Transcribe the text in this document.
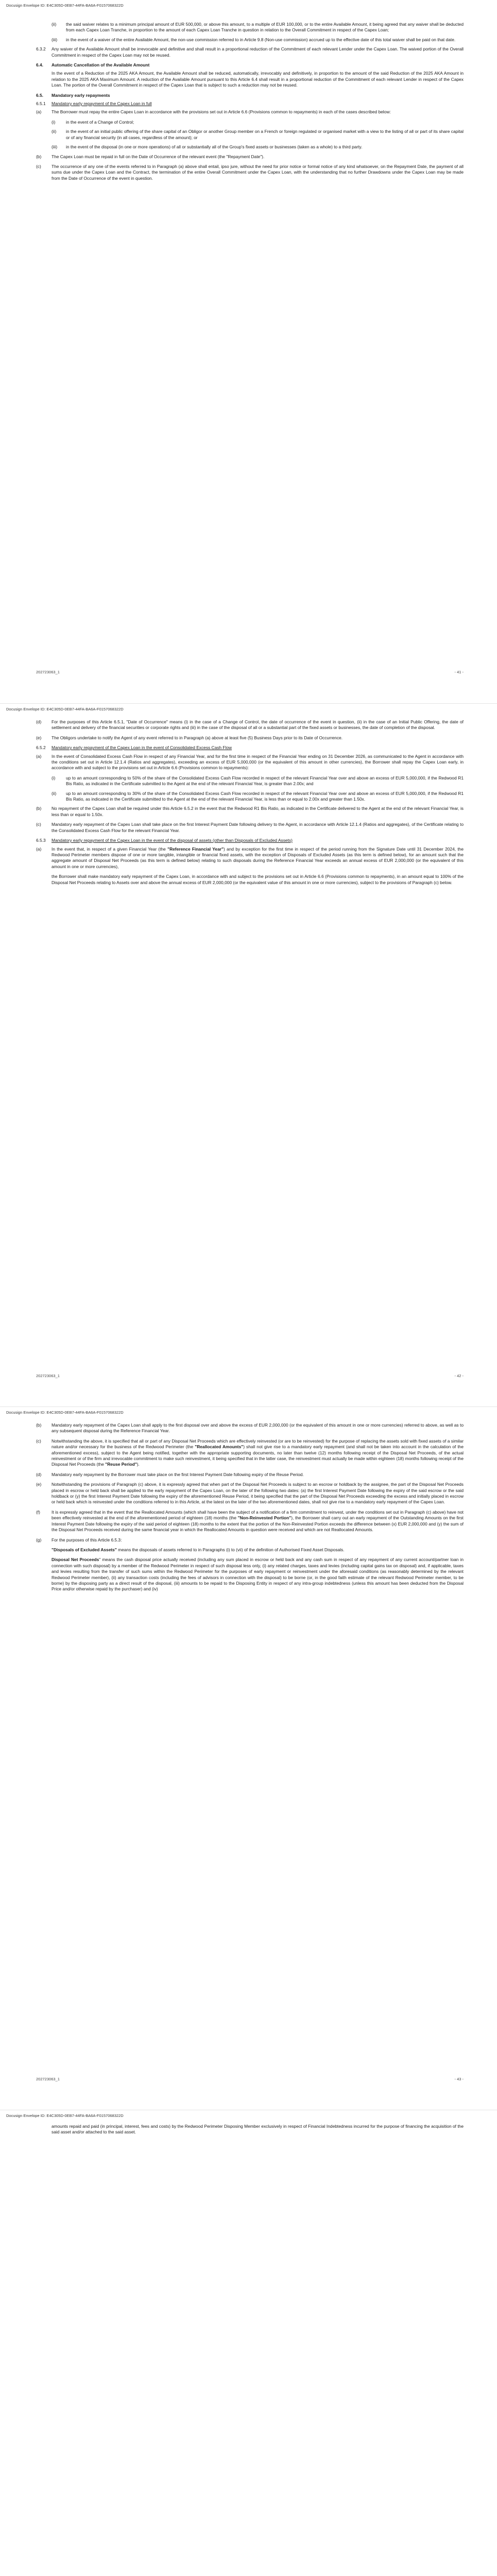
Docusign Envelope ID: E4C305D-0EB7-44FA-BA6A-F0157068322D
(ii)	the said waiver relates to a minimum principal amount of EUR 500,000, or above this amount, to a multiple of EUR 100,000, or to the entire Available Amount, it being agreed that any waiver shall be deducted from each Capex Loan Tranche, in proportion to the amount of each Capex Loan Tranche in question in relation to the Overall Commitment in respect of the Capex Loan;
(iii)	in the event of a waiver of the entire Available Amount, the non-use commission referred to in Article 9.8 (Non-use commission) accrued up to the effective date of this total waiver shall be paid on that date.
6.3.2	Any waiver of the Available Amount shall be irrevocable and definitive and shall result in a proportional reduction of the Commitment of each relevant Lender under the Capex Loan. The waived portion of the Overall Commitment in respect of the Capex Loan may not be reused.
6.4.	Automatic Cancellation of the Available Amount
In the event of a Reduction of the 2025 AKA Amount, the Available Amount shall be reduced, automatically, irrevocably and definitively, in proportion to the amount of the said Reduction of the 2025 AKA Amount in relation to the 2025 AKA Maximum Amount. A reduction of the Available Amount pursuant to this Article 6.4 shall result in a proportional reduction of the Commitment of each relevant Lender in respect of the Capex Loan. The portion of the Overall Commitment in respect of the Capex Loan that is subject to such a reduction may not be reused.
6.5.	Mandatory early repayments
6.5.1	Mandatory early repayment of the Capex Loan in full
(a)	The Borrower must repay the entire Capex Loan in accordance with the provisions set out in Article 6.6 (Provisions common to repayments) in each of the cases described below:
(i)	in the event of a Change of Control;
(ii)	in the event of an initial public offering of the share capital of an Obligor or another Group member on a French or foreign regulated or organised market with a view to the listing of all or part of its share capital or of any financial security (in all cases, regardless of the amount); or
(iii)	in the event of the disposal (in one or more operations) of all or substantially all of the Group's fixed assets or businesses (taken as a whole) to a third party.
(b)	The Capex Loan must be repaid in full on the Date of Occurrence of the relevant event (the "Repayment Date").
(c)	The occurrence of any one of the events referred to in Paragraph (a) above shall entail, ipso jure, without the need for prior notice or formal notice of any kind whatsoever, on the Repayment Date, the payment of all sums due under the Capex Loan and the Contract, the termination of the entire Overall Commitment under the Capex Loan, with the understanding that no further Drawdowns under the Capex Loan may be made from the Date of Occurrence of the event in question.
202723063_1	- 41 -
Docusign Envelope ID: E4C305D-0EB7-44FA-BA6A-F0157068322D
(d)	For the purposes of this Article 6.5.1, "Date of Occurrence" means (i) in the case of a Change of Control, the date of occurrence of the event in question, (ii) in the case of an Initial Public Offering, the date of settlement and delivery of the financial securities or corporate rights and (iii) in the case of the disposal of all or a substantial part of the fixed assets or businesses, the date of completion of the disposal.
(e)	The Obligors undertake to notify the Agent of any event referred to in Paragraph (a) above at least five (5) Business Days prior to its Date of Occurrence.
6.5.2	Mandatory early repayment of the Capex Loan in the event of Consolidated Excess Cash Flow
(a)	In the event of Consolidated Excess Cash Flow in respect of any Financial Year, and for the first time in respect of the Financial Year ending on 31 December 2026, as communicated to the Agent in accordance with the conditions set out in Article 12.1.4 (Ratios and aggregates), exceeding an excess of EUR 5,000,000 (or the equivalent of this amount in other currencies), the Borrower shall repay the Capex Loan early, in accordance with and subject to the provisions set out in Article 6.6 (Provisions common to repayments):
(i)	up to an amount corresponding to 50% of the share of the Consolidated Excess Cash Flow recorded in respect of the relevant Financial Year over and above an excess of EUR 5,000,000, if the Redwood R1 Bis Ratio, as indicated in the Certificate submitted to the Agent at the end of the relevant Financial Year, is greater than 2.00x; and
(ii)	up to an amount corresponding to 30% of the share of the Consolidated Excess Cash Flow recorded in respect of the relevant Financial Year over and above an excess of EUR 5,000,000, if the Redwood R1 Bis Ratio, as indicated in the Certificate submitted to the Agent at the end of the relevant Financial Year, is less than or equal to 2.00x and greater than 1.50x.
(b)	No repayment of the Capex Loan shall be required under this Article 6.5.2 in the event that the Redwood R1 Bis Ratio, as indicated in the Certificate delivered to the Agent at the end of the relevant Financial Year, is less than or equal to 1.50x.
(c)	Mandatory early repayment of the Capex Loan shall take place on the first Interest Payment Date following delivery to the Agent, in accordance with Article 12.1.4 (Ratios and aggregates), of the Certificate relating to the Consolidated Excess Cash Flow for the relevant Financial Year.
6.5.3	Mandatory early repayment of the Capex Loan in the event of the disposal of assets (other than Disposals of Excluded Assets)
(a)	In the event that, in respect of a given Financial Year (the "Reference Financial Year") and by exception for the first time in respect of the period running from the Signature Date until 31 December 2024, the Redwood Perimeter members dispose of one or more tangible, intangible or financial fixed assets, with the exception of Disposals of Excluded Assets (as this term is defined below), for an amount such that the aggregate amount of Disposal Net Proceeds (as this term is defined below) relating to such disposals during the Reference Financial Year exceeds an annual excess of EUR 2,000,000 (or the equivalent of this amount in one or more currencies),
the Borrower shall make mandatory early repayment of the Capex Loan, in accordance with and subject to the provisions set out in Article 6.6 (Provisions common to repayments), in an amount equal to 100% of the Disposal Net Proceeds relating to Assets over and above the annual excess of EUR 2,000,000 (or the equivalent value of this amount in one or more currencies), subject to the provisions of Paragraph (c) below.
202723063_1	- 42 -
Docusign Envelope ID: E4C305D-0EB7-44FA-BA6A-F0157068322D
(b)	Mandatory early repayment of the Capex Loan shall apply to the first disposal over and above the excess of EUR 2,000,000 (or the equivalent of this amount in one or more currencies) referred to above, as well as to any subsequent disposal during the Reference Financial Year.
(c)	Notwithstanding the above, it is specified that all or part of any Disposal Net Proceeds which are effectively reinvested (or are to be reinvested) for the purpose of replacing the assets sold with fixed assets of a similar nature and/or necessary for the business of the Redwood Perimeter (the "Reallocated Amounts") shall not give rise to a mandatory early repayment (and shall not be taken into account in the calculation of the aforementioned excess), subject to the Agent being notified, together with the appropriate supporting documents, no later than twelve (12) months following receipt of the Disposal Net Proceeds, of the actual reinvestment or of the firm and irrevocable commitment to make such reinvestment, it being specified that in the latter case, the reinvestment must actually be made within eighteen (18) months following receipt of the Disposal Net Proceeds (the "Reuse Period").
(d)	Mandatory early repayment by the Borrower must take place on the first Interest Payment Date following expiry of the Reuse Period.
(e)	Notwithstanding the provisions of Paragraph (c) above, it is expressly agreed that when part of the Disposal Net Proceeds is subject to an escrow or holdback by the assignee, the part of the Disposal Net Proceeds placed in escrow or held back shall be applied to the early repayment of the Capex Loan, on the later of the following two dates: (a) the first Interest Payment Date following the expiry of the said escrow or the said holdback or (y) the first Interest Payment Date following the expiry of the aforementioned Reuse Period, it being specified that the part of the Disposal Net Proceeds exceeding the excess and initially placed in escrow or held back which is reinvested under the conditions referred to in this Article, at the latest on the later of the two aforementioned dates, shall not give rise to a mandatory early repayment of the Capex Loan.
(f)	It is expressly agreed that in the event that the Reallocated Amounts (which shall have been the subject of a notification of a firm commitment to reinvest, under the conditions set out in Paragraph (c) above) have not been effectively reinvested at the end of the aforementioned period of eighteen (18) months (the "Non-Reinvested Portion"), the Borrower shall carry out an early repayment of the Outstanding Amounts on the first Interest Payment Date following the expiry of the said period of eighteen (18) months to the extent that the portion of the Non-Reinvested Portion exceeds the difference between (x) EUR 2,000,000 and (y) the sum of the Disposal Net Proceeds received during the same financial year in which the Reallocated Amounts in question were received and which are not Reallocated Amounts.
(g)	For the purposes of this Article 6.5.3:
"Disposals of Excluded Assets" means the disposals of assets referred to in Paragraphs (i) to (vii) of the definition of Authorised Fixed Asset Disposals.
Disposal Net Proceeds" means the cash disposal price actually received (including any sum placed in escrow or held back and any cash sum in respect of any repayment of any current account/partner loan in connection with such disposal) by a member of the Redwood Perimeter in respect of such disposal less only, (i) any related charges, taxes and levies (including capital gains tax on disposal) and, if applicable, taxes and levies resulting from the transfer of such sums within the Redwood Perimeter for the purposes of early repayment or reinvestment under the aforesaid conditions (as reasonably determined by the relevant Redwood Perimeter member), (ii) any transaction costs (including the fees of advisors in connection with the disposal) to be borne (or, in the good faith estimate of the relevant Redwood Perimeter member, to be borne) by the disposing party as a direct result of the disposal, (iii) amounts to be repaid to the Disposing Entity in respect of any intra-group indebtedness (unless this amount has been deducted from the Disposal Price and/or otherwise repaid by the purchaser) and (iv)
202723063_1	- 43 -
Docusign Envelope ID: E4C305D-0EB7-44FA-BA6A-F0157068322D
amounts repaid and paid (in principal, interest, fees and costs) by the Redwood Perimeter Disposing Member exclusively in respect of Financial Indebtedness incurred for the purpose of financing the acquisition of the said asset and/or attached to the said asset.
